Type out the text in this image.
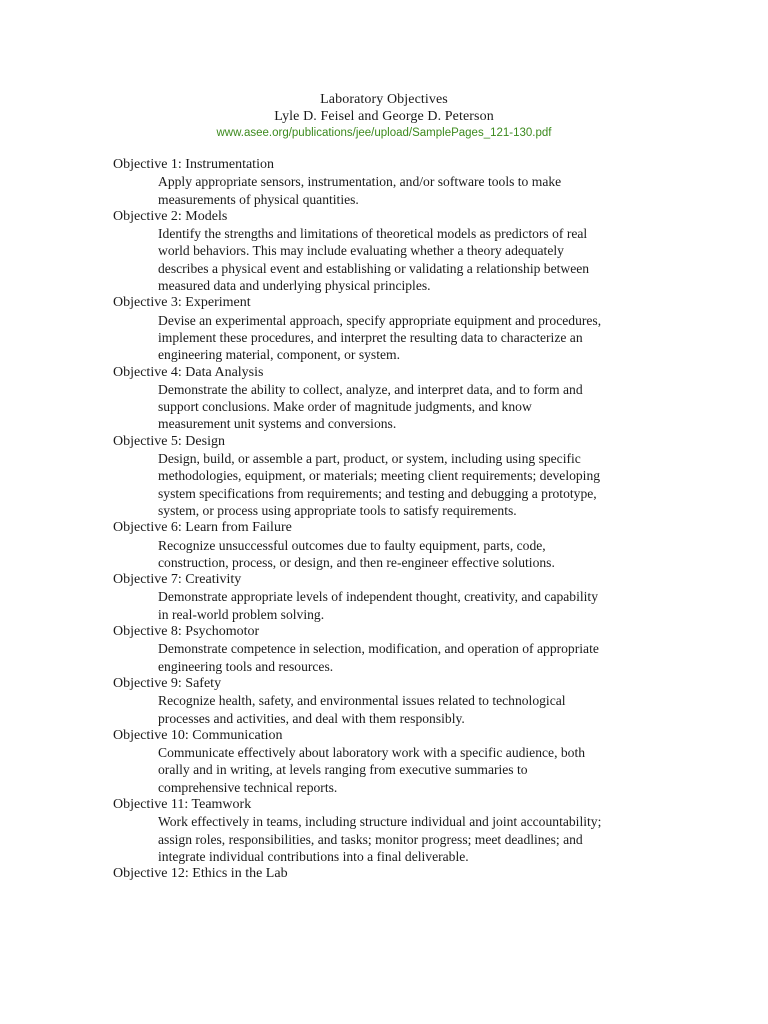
Laboratory Objectives

Lyle D. Feisel and George D. Peterson

www.asee.org/publications/jee/upload/SamplePages_121-130.pdf
Objective 1: Instrumentation
Apply appropriate sensors, instrumentation, and/or software tools to make
measurements of physical quantities.
Objective 2: Models
Identify the strengths and limitations of theoretical models as predictors of real
world behaviors. This may include evaluating whether a theory adequately
describes a physical event and establishing or validating a relationship between
measured data and underlying physical principles.
Objective 3: Experiment
Devise an experimental approach, specify appropriate equipment and procedures,
implement these procedures, and interpret the resulting data to characterize an
engineering material, component, or system.
Objective 4: Data Analysis
Demonstrate the ability to collect, analyze, and interpret data, and to form and
support conclusions. Make order of magnitude judgments, and know
measurement unit systems and conversions.
Objective 5: Design
Design, build, or assemble a part, product, or system, including using specific
methodologies, equipment, or materials; meeting client requirements; developing
system specifications from requirements; and testing and debugging a prototype,
system, or process using appropriate tools to satisfy requirements.
Objective 6: Learn from Failure
Recognize unsuccessful outcomes due to faulty equipment, parts, code,
construction, process, or design, and then re-engineer effective solutions.
Objective 7: Creativity
Demonstrate appropriate levels of independent thought, creativity, and capability
in real-world problem solving.
Objective 8: Psychomotor
Demonstrate competence in selection, modification, and operation of appropriate
engineering tools and resources.
Objective 9: Safety
Recognize health, safety, and environmental issues related to technological
processes and activities, and deal with them responsibly.
Objective 10: Communication
Communicate effectively about laboratory work with a specific audience, both
orally and in writing, at levels ranging from executive summaries to
comprehensive technical reports.
Objective 11: Teamwork
Work effectively in teams, including structure individual and joint accountability;
assign roles, responsibilities, and tasks; monitor progress; meet deadlines; and
integrate individual contributions into a final deliverable.
Objective 12: Ethics in the Lab
